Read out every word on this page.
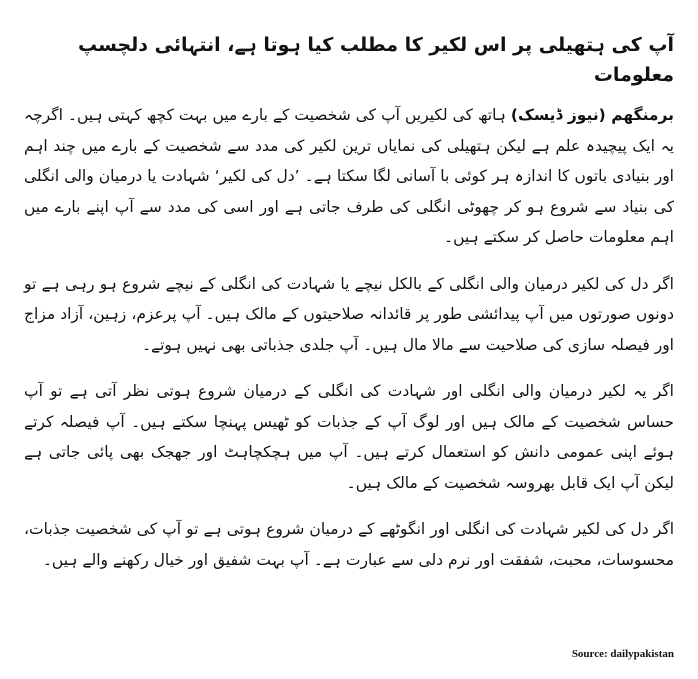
آپ کی ہتھیلی پر اس لکیر کا مطلب کیا ہوتا ہے، انتہائی دلچسپ معلومات
برمنگھم (نیوز ڈیسک) ہاتھ کی لکیریں آپ کی شخصیت کے بارے میں بہت کچھ کہتی ہیں۔ اگرچہ یہ ایک پیچیدہ علم ہے لیکن ہتھیلی کی نمایاں ترین لکیر کی مدد سے شخصیت کے بارے میں چند اہم اور بنیادی باتوں کا اندازہ ہر کوئی با آسانی لگا سکتا ہے۔ ’دل کی لکیر‘ شہادت یا درمیان والی انگلی کی بنیاد سے شروع ہو کر چھوٹی انگلی کی طرف جاتی ہے اور اسی کی مدد سے آپ اپنے بارے میں اہم معلومات حاصل کر سکتے ہیں۔
اگر دل کی لکیر درمیان والی انگلی کے بالکل نیچے یا شہادت کی انگلی کے نیچے شروع ہو رہی ہے تو دونوں صورتوں میں آپ پیدائشی طور پر قائدانہ صلاحیتوں کے مالک ہیں۔ آپ پرعزم، زہین، آزاد مزاج اور فیصلہ سازی کی صلاحیت سے مالا مال ہیں۔ آپ جلدی جذباتی بھی نہیں ہوتے۔
اگر یہ لکیر درمیان والی انگلی اور شہادت کی انگلی کے درمیان شروع ہوتی نظر آتی ہے تو آپ حساس شخصیت کے مالک ہیں اور لوگ آپ کے جذبات کو ٹھیس پہنچا سکتے ہیں۔ آپ فیصلہ کرتے ہوئے اپنی عمومی دانش کو استعمال کرتے ہیں۔ آپ میں ہچکچاہٹ اور جھجک بھی پائی جاتی ہے لیکن آپ ایک قابل بھروسہ شخصیت کے مالک ہیں۔
اگر دل کی لکیر شہادت کی انگلی اور انگوٹھے کے درمیان شروع ہوتی ہے تو آپ کی شخصیت جذبات، محسوسات، محبت، شفقت اور نرم دلی سے عبارت ہے۔ آپ بہت شفیق اور خیال رکھنے والے ہیں۔
Source: dailypakistan
